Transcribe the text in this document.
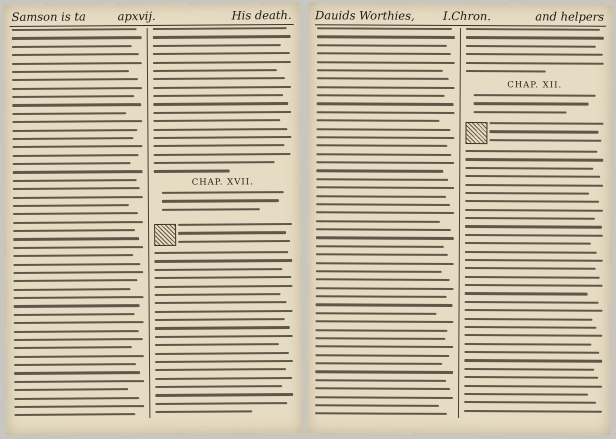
Samson is ta	apxvij.	His death.
CHAP. XVII.
Dauids Worthies, I.Chron.	and helpers
CHAP. XII.
